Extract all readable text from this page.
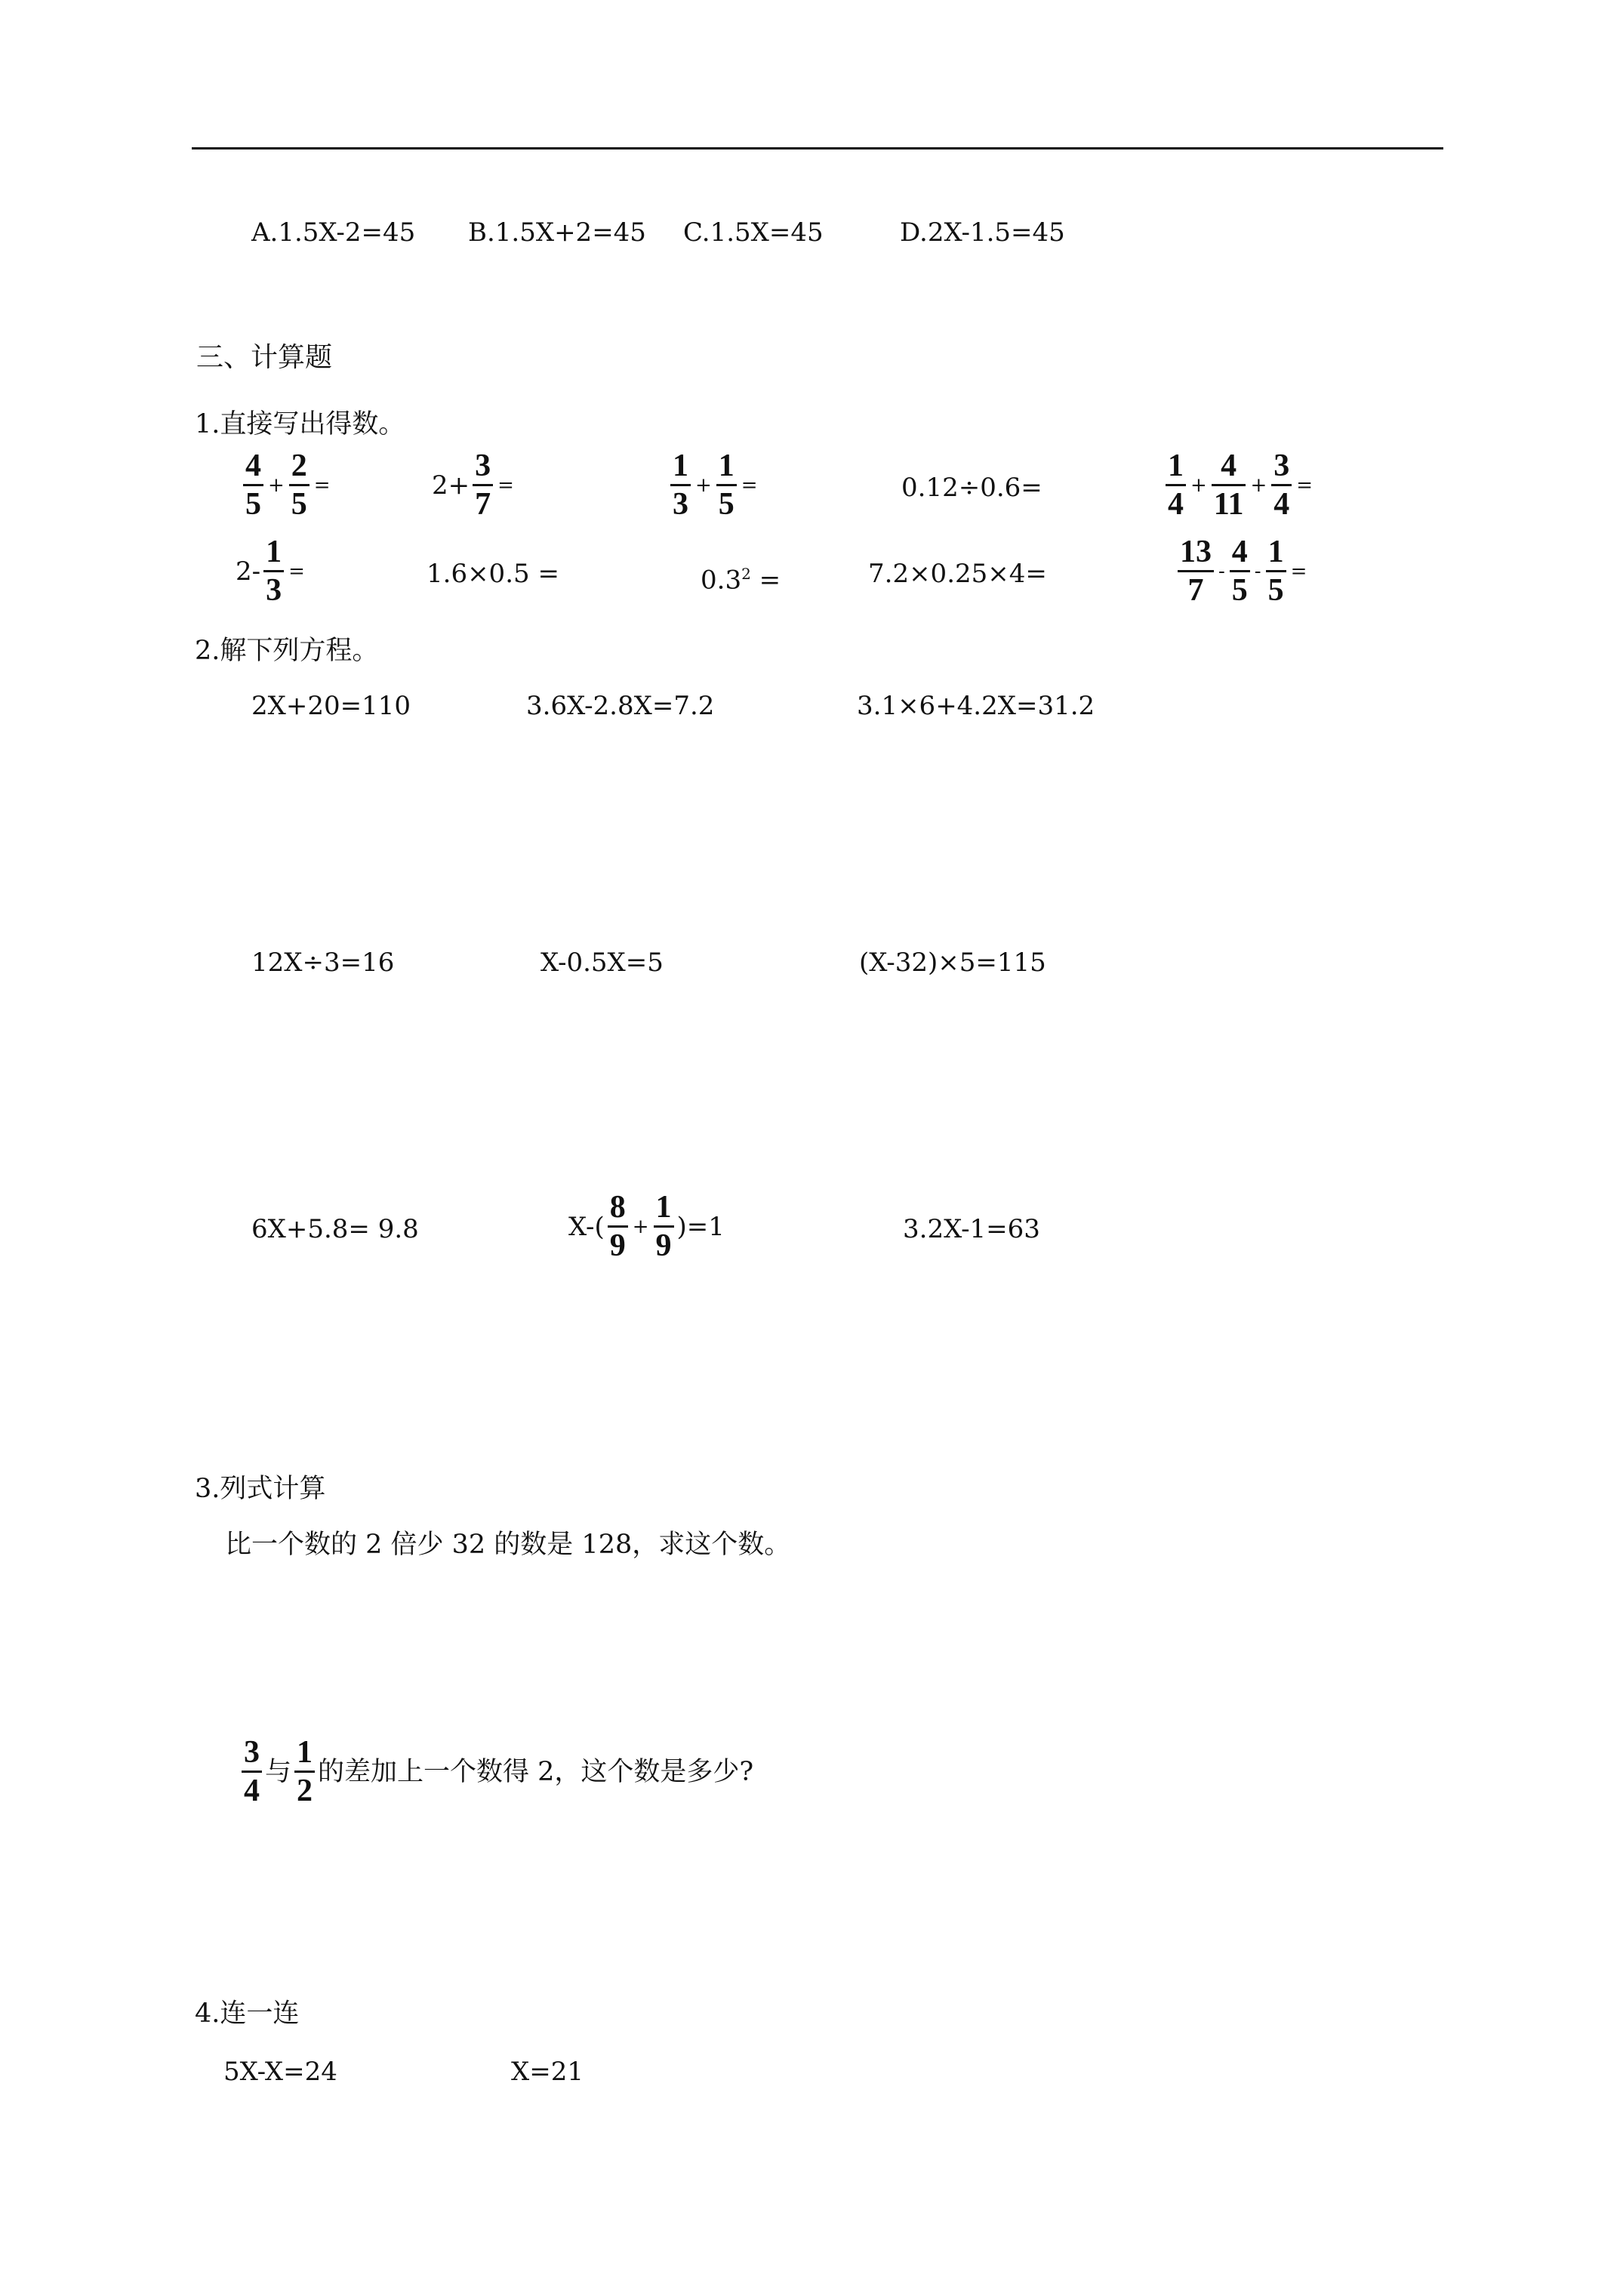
A.1.5X-2=45 B.1.5X+2=45 C.1.5X=45	D.2X-1.5=45
三、计算题
1.直接写出得数。
$\frac{4}{5} + \frac{2}{5}$ =	$2+ \frac{3}{7}$ =	$\frac{1}{3} + \frac{1}{5}$ =	0.12÷0.6=	$\frac{1}{4} + \frac{4}{11} + \frac{3}{4}$ =
$2- \frac{1}{3}$ =	1.6×0.5 =	$0.3^2$ =	7.2×0.25×4=	$\frac{13}{7} - \frac{4}{5} - \frac{1}{5}$ =
2.解下列方程。
2X+20=110	3.6X-2.8X=7.2	3.1×6+4.2X=31.2
12X÷3=16	X-0.5X=5	(X-32)×5=115
6X+5.8= 9.8	$X-( \frac{8}{9} + \frac{1}{9} )=1$	3.2X-1=63
3.列式计算
比一个数的 2 倍少 32 的数是 128，求这个数。
$\frac{3}{4}$ 与 $\frac{1}{2}$ 的差加上一个数得 2，这个数是多少?
4.连一连
5X-X=24	X=21
